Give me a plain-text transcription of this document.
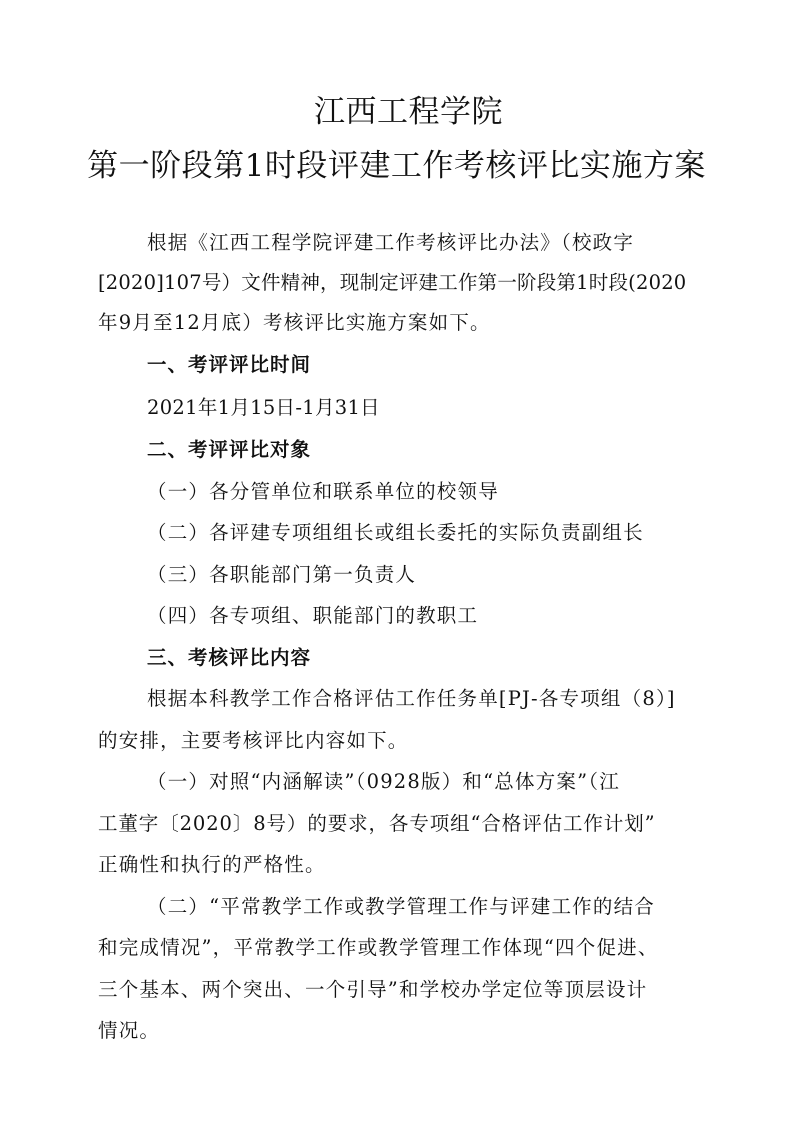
江西工程学院
第一阶段第1时段评建工作考核评比实施方案
根据《江西工程学院评建工作考核评比办法》（校政字
[2020]107号）文件精神，现制定评建工作第一阶段第1时段(2020
年9月至12月底）考核评比实施方案如下。
一、考评评比时间
2021年1月15日-1月31日
二、考评评比对象
（一）各分管单位和联系单位的校领导
（二）各评建专项组组长或组长委托的实际负责副组长
（三）各职能部门第一负责人
（四）各专项组、职能部门的教职工
三、考核评比内容
根据本科教学工作合格评估工作任务单[PJ-各专项组（8）]
的安排，主要考核评比内容如下。
（一）对照“内涵解读”（0928版）和“总体方案”（江
工董字〔2020〕8号）的要求，各专项组“合格评估工作计划”
正确性和执行的严格性。
（二）“平常教学工作或教学管理工作与评建工作的结合
和完成情况”，平常教学工作或教学管理工作体现“四个促进、
三个基本、两个突出、一个引导”和学校办学定位等顶层设计
情况。
